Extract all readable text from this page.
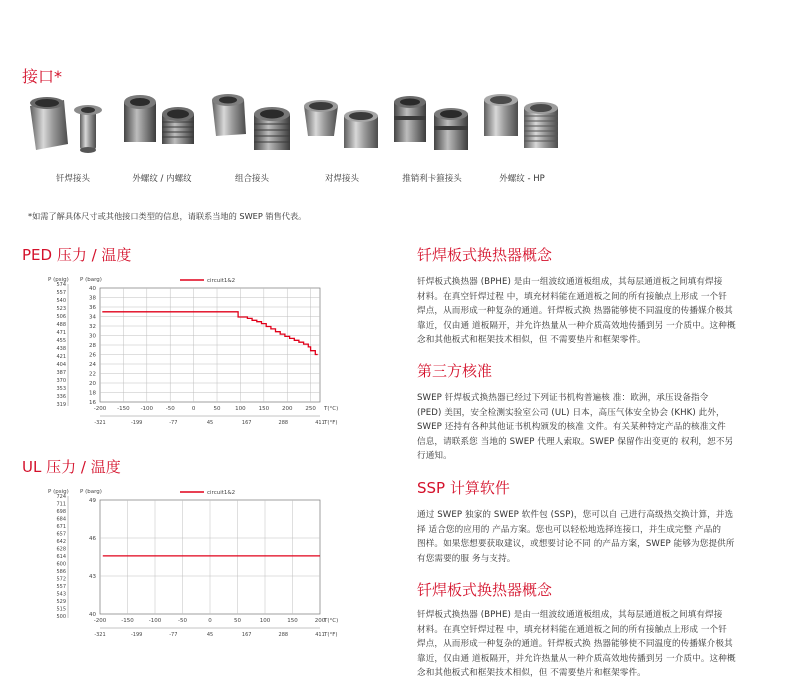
接口*
钎焊接头	外螺纹 / 内螺纹	组合接头	对焊接头	推销利卡箍接头	外螺纹 - HP
*如需了解具体尺寸或其他接口类型的信息，请联系当地的 SWEP 销售代表。
PED 压力 / 温度
P (psig) P (barg)	circuit1&2
40
38
36
34
32
30
28
26
24
22
20
18
16
574
557
540
523
506
488
471
455
438
421
404
387
370
353
336
319
-200 -150 -100 -50	0	50	100 150 200 250 T(°C)
-321	-199	-77	45	167	288	411 T(°F)
UL 压力 / 温度
P (psig) P (barg)	circuit1&2
49
46
43
40
724
711
698
684
671
657
642
628
614
600
586
572
557
543
529
515
500
-200	-150	-100	-50	0	50	100	150	200
T(°C)
-321	-199	-77	45	167	288	411 T(°F)
钎焊板式换热器概念
钎焊板式换热器 (BPHE) 是由一组波纹通道板组成，其每层通道板之间填有焊接
材料。在真空钎焊过程 中，填充材料能在通道板之间的所有接触点上形成 一个钎
焊点，从而形成一种复杂的通道。钎焊板式换 热器能够使不同温度的传播媒介极其
靠近，仅由通 道板隔开，并允许热量从一种介质高效地传播到另 一介质中。这种概
念和其他板式和框架技术相似，但 不需要垫片和框架零件。
第三方核准
SWEP 钎焊板式换热器已经过下列证书机构普遍核 准：欧洲，承压设备指令
(PED) 美国，安全检测实验室公司 (UL) 日本，高压气体安全协会 (KHK) 此外，
SWEP 还持有各种其他证书机构颁发的核准 文件。有关某种特定产品的核准文件
信息，请联系您 当地的 SWEP 代理人索取。SWEP 保留作出变更的 权利，恕不另
行通知。
SSP 计算软件
通过 SWEP 独家的 SWEP 软件包 (SSP)，您可以自 己进行高级热交换计算，并选
择 适合您的应用的 产品方案。您也可以轻松地选择连接口，并生成完整 产品的
图样。如果您想要获取建议，或想要讨论不同 的产品方案，SWEP 能够为您提供所
有您需要的服 务与支持。
钎焊板式换热器概念
钎焊板式换热器 (BPHE) 是由一组波纹通道板组成，其每层通道板之间填有焊接
材料。在真空钎焊过程 中，填充材料能在通道板之间的所有接触点上形成 一个钎
焊点，从而形成一种复杂的通道。钎焊板式换 热器能够使不同温度的传播媒介极其
靠近，仅由通 道板隔开，并允许热量从一种介质高效地传播到另 一介质中。这种概
念和其他板式和框架技术相似，但 不需要垫片和框架零件。
